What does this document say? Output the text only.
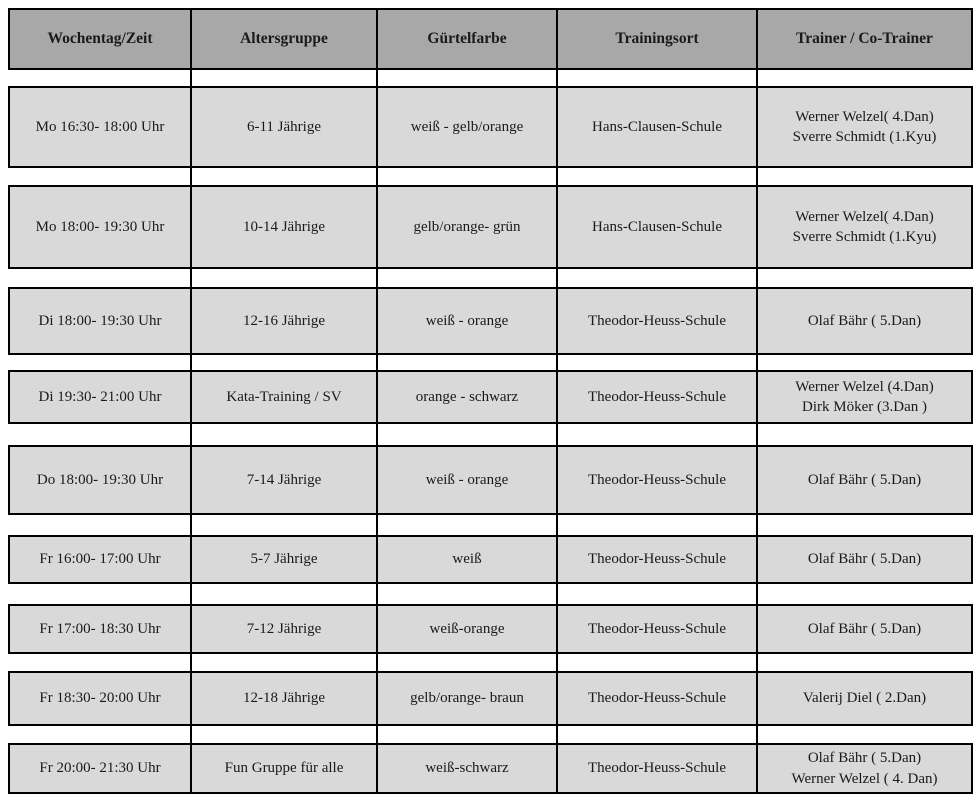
Wochentag/Zeit	Altersgruppe	Gürtelfarbe	Trainingsort	Trainer / Co-Trainer

Mo 16:30- 18:00 Uhr	6-11 Jährige	weiß - gelb/orange	Hans-Clausen-Schule	Werner Welzel( 4.Dan)
Sverre Schmidt (1.Kyu)

Mo 18:00- 19:30 Uhr	10-14 Jährige	gelb/orange- grün	Hans-Clausen-Schule	Werner Welzel( 4.Dan)
Sverre Schmidt (1.Kyu)

Di 18:00- 19:30 Uhr	12-16 Jährige	weiß - orange	Theodor-Heuss-Schule	Olaf Bähr ( 5.Dan)

Di 19:30- 21:00 Uhr	Kata-Training / SV	orange - schwarz	Theodor-Heuss-Schule	Werner Welzel (4.Dan)
Dirk Möker (3.Dan )

Do 18:00- 19:30 Uhr	7-14 Jährige	weiß - orange	Theodor-Heuss-Schule	Olaf Bähr ( 5.Dan)

Fr 16:00- 17:00 Uhr	5-7 Jährige	weiß	Theodor-Heuss-Schule	Olaf Bähr ( 5.Dan)

Fr 17:00- 18:30 Uhr	7-12 Jährige	weiß-orange	Theodor-Heuss-Schule	Olaf Bähr ( 5.Dan)

Fr 18:30- 20:00 Uhr	12-18 Jährige	gelb/orange- braun	Theodor-Heuss-Schule	Valerij Diel ( 2.Dan)

Fr 20:00- 21:30 Uhr	Fun Gruppe für alle	weiß-schwarz	Theodor-Heuss-Schule	Olaf Bähr ( 5.Dan)
Werner Welzel ( 4. Dan)
